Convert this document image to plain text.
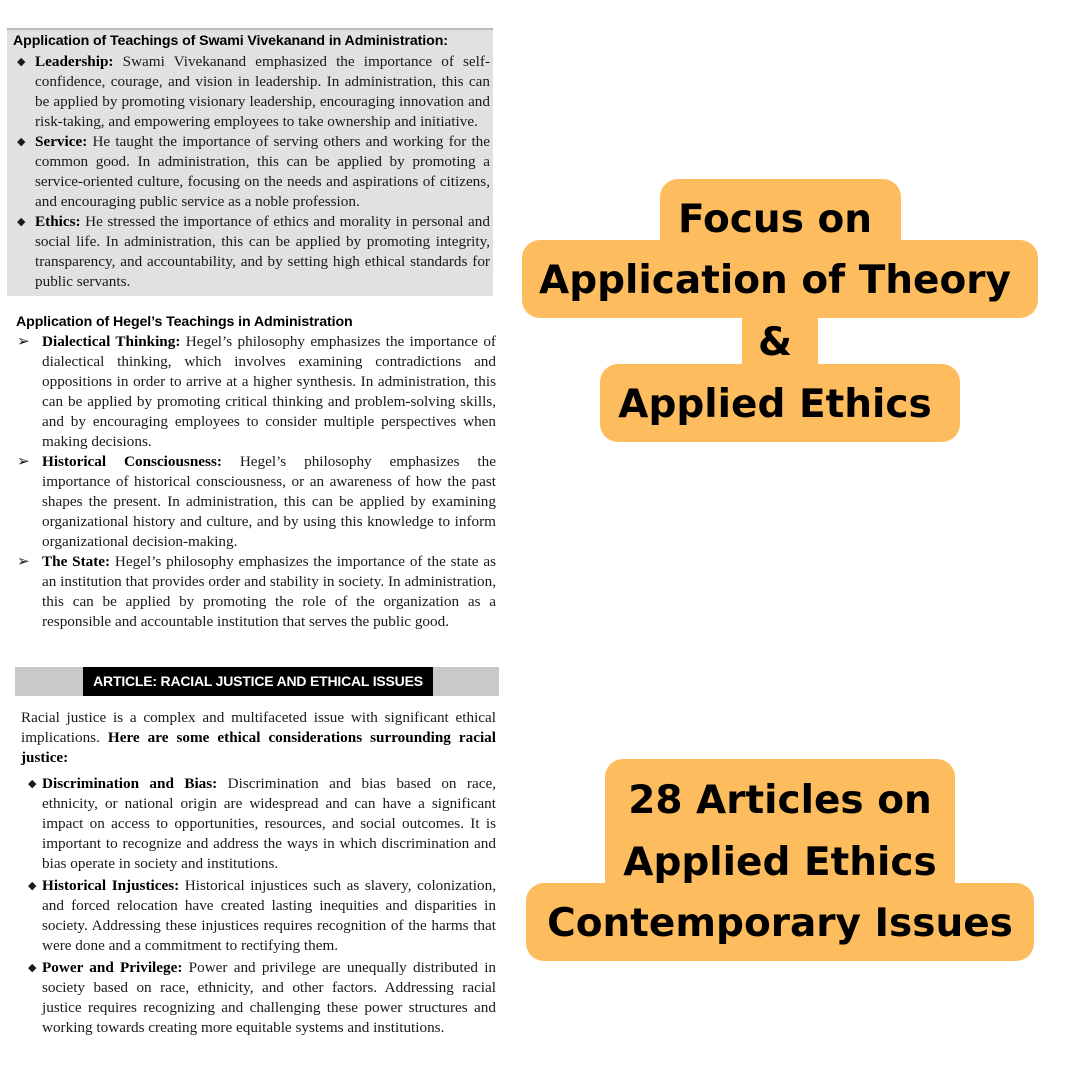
Application of Teachings of Swami Vivekanand in Administration:
◆ Leadership: Swami Vivekanand emphasized the importance of self-confidence, courage, and vision in leadership. In administration, this can be applied by promoting visionary leadership, encouraging innovation and risk-taking, and empowering employees to take ownership and initiative.
◆ Service: He taught the importance of serving others and working for the common good. In administration, this can be applied by promoting a service-oriented culture, focusing on the needs and aspirations of citizens, and encouraging public service as a noble profession.
◆ Ethics: He stressed the importance of ethics and morality in personal and social life. In administration, this can be applied by promoting integrity, transparency, and accountability, and by setting high ethical standards for public servants.
Application of Hegel’s Teachings in Administration
➢ Dialectical Thinking: Hegel’s philosophy emphasizes the importance of dialectical thinking, which involves examining contradictions and oppositions in order to arrive at a higher synthesis. In administration, this can be applied by promoting critical thinking and problem-solving skills, and by encouraging employees to consider multiple perspectives when making decisions.
➢ Historical Consciousness: Hegel’s philosophy emphasizes the importance of historical consciousness, or an awareness of how the past shapes the present. In administration, this can be applied by examining organizational history and culture, and by using this knowledge to inform organizational decision-making.
➢ The State: Hegel’s philosophy emphasizes the importance of the state as an institution that provides order and stability in society. In administration, this can be applied by promoting the role of the organization as a responsible and accountable institution that serves the public good.
ARTICLE: RACIAL JUSTICE AND ETHICAL ISSUES
Racial justice is a complex and multifaceted issue with significant ethical implications. Here are some ethical considerations surrounding racial justice:
◆ Discrimination and Bias: Discrimination and bias based on race, ethnicity, or national origin are widespread and can have a significant impact on access to opportunities, resources, and social outcomes. It is important to recognize and address the ways in which discrimination and bias operate in society and institutions.
◆ Historical Injustices: Historical injustices such as slavery, colonization, and forced relocation have created lasting inequities and disparities in society. Addressing these injustices requires recognition of the harms that were done and a commitment to rectifying them.
◆ Power and Privilege: Power and privilege are unequally distributed in society based on race, ethnicity, and other factors. Addressing racial justice requires recognizing and challenging these power structures and working towards creating more equitable systems and institutions.
Focus on
Application of Theory
&
Applied Ethics
28 Articles on
Applied Ethics
Contemporary Issues
